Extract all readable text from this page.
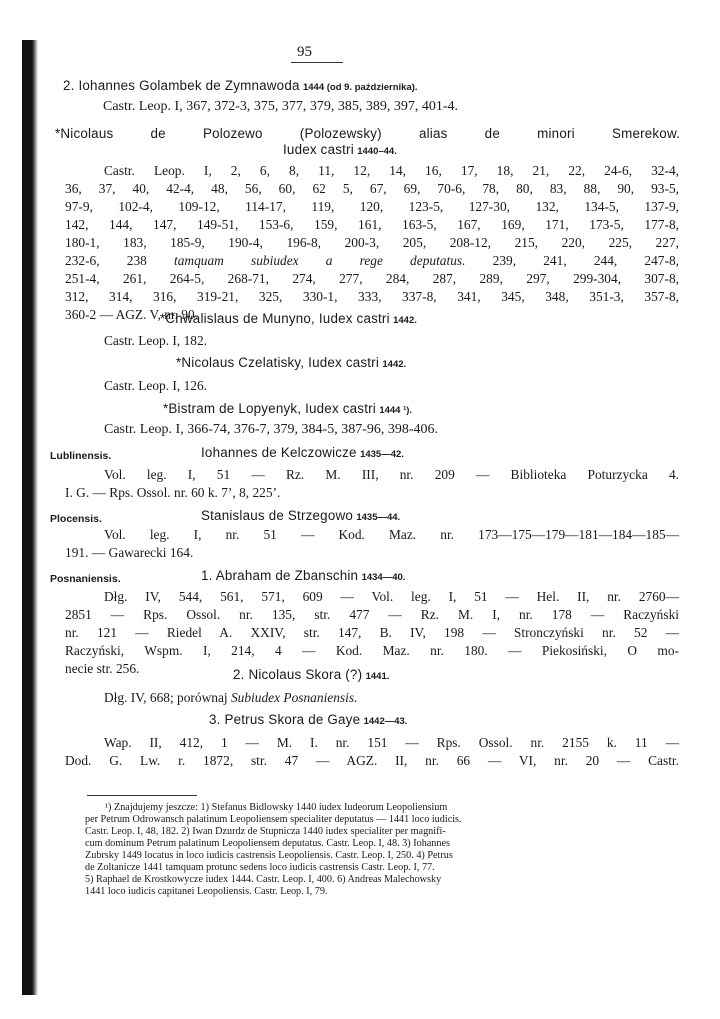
95
2. Iohannes Golambek de Zymnawoda 1444 (od 9. października).
Castr. Leop. I, 367, 372-3, 375, 377, 379, 385, 389, 397, 401-4.
*Nicolaus de Polozewo (Polozewsky) alias de minori Smerekow.
Iudex castri 1440–44.
Castr. Leop. I, 2, 6, 8, 11, 12, 14, 16, 17, 18, 21, 22, 24-6, 32-4,
36, 37, 40, 42-4, 48, 56, 60, 62 5, 67, 69, 70-6, 78, 80, 83, 88, 90, 93-5,
97-9, 102-4, 109-12, 114-17, 119, 120, 123-5, 127-30, 132, 134-5, 137-9,
142, 144, 147, 149-51, 153-6, 159, 161, 163-5, 167, 169, 171, 173-5, 177-8,
180-1, 183, 185-9, 190-4, 196-8, 200-3, 205, 208-12, 215, 220, 225, 227,
232-6, 238 tamquam subiudex a rege deputatus. 239, 241, 244, 247-8,
251-4, 261, 264-5, 268-71, 274, 277, 284, 287, 289, 297, 299-304, 307-8,
312, 314, 316, 319-21, 325, 330-1, 333, 337-8, 341, 345, 348, 351-3, 357-8,
360-2 — AGZ. V, nr. 90.
*Chwalislaus de Munyno, Iudex castri 1442.
Castr. Leop. I, 182.
*Nicolaus Czelatisky, Iudex castri 1442.
Castr. Leop. I, 126.
*Bistram de Lopyenyk, Iudex castri 1444 ¹).
Castr. Leop. I, 366-74, 376-7, 379, 384-5, 387-96, 398-406.
Lublinensis.	Iohannes de Kelczowicze 1435—42.
Vol. leg. I, 51 — Rz. M. III, nr. 209 — Biblioteka Poturzycka 4.
I. G. — Rps. Ossol. nr. 60 k. 7’, 8, 225’.
Plocensis.	Stanislaus de Strzegowo 1435—44.
Vol. leg. I, nr. 51 — Kod. Maz. nr. 173—175—179—181—184—185—
191. — Gawarecki 164.
Posnaniensis.	1. Abraham de Zbanschin 1434—40.
Dłg. IV, 544, 561, 571, 609 — Vol. leg. I, 51 — Hel. II, nr. 2760—
2851 — Rps. Ossol. nr. 135, str. 477 — Rz. M. I, nr. 178 — Raczyński
nr. 121 — Riedel A. XXIV, str. 147, B. IV, 198 — Stronczyński nr. 52 —
Raczyński, Wspm. I, 214, 4 — Kod. Maz. nr. 180. — Piekosiński, O mo-
necie str. 256.	2. Nicolaus Skora (?) 1441.
Dłg. IV, 668; porównaj Subiudex Posnaniensis.
3. Petrus Skora de Gaye 1442—43.
Wap. II, 412, 1 — M. I. nr. 151 — Rps. Ossol. nr. 2155 k. 11 —
Dod. G. Lw. r. 1872, str. 47 — AGZ. II, nr. 66 — VI, nr. 20 — Castr.
¹) Znajdujemy jeszcze: 1) Stefanus Bidlowsky 1440 iudex Iudeorum Leopoliensium
per Petrum Odrowansch palatinum Leopoliensem specialiter deputatus — 1441 loco iudicis.
Castr. Leop. I, 48, 182. 2) Iwan Dzurdz de Stupnicza 1440 iudex specialiter per magnifi-
cum dominum Petrum palatinum Leopoliensem deputatus. Castr. Leop. I, 48. 3) Iohannes
Zubrsky 1449 locatus in loco iudicis castrensis Leopoliensis. Castr. Leop. I, 250. 4) Petrus
de Zoltanicze 1441 tamquam protunc sedens loco iudicis castrensis Castr. Leop. I, 77.
5) Raphael de Krostkowycze iudex 1444. Castr. Leop. I, 400. 6) Andreas Malechowsky
1441 loco iudicis capitanei Leopoliensis. Castr. Leop. I, 79.
